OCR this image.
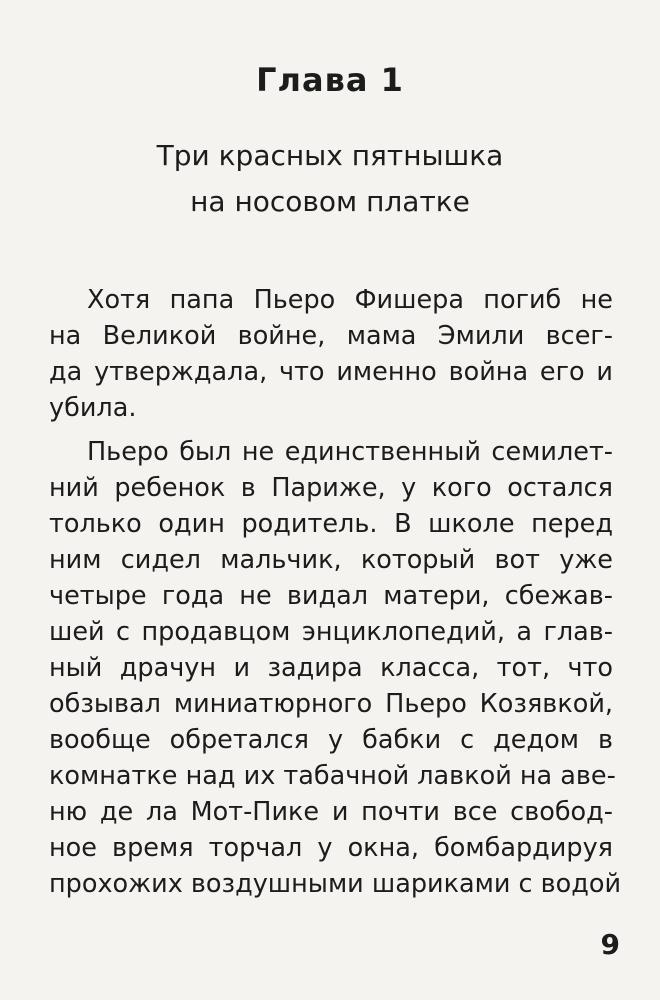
Глава 1
Три красных пятнышка
на носовом платке
Хотя папа Пьеро Фишера погиб не
на Великой войне, мама Эмили всег-
да утверждала, что именно война его и
убила.
Пьеро был не единственный семилет-
ний ребенок в Париже, у кого остался
только один родитель. В школе перед
ним сидел мальчик, который вот уже
четыре года не видал матери, сбежав-
шей с продавцом энциклопедий, а глав-
ный драчун и задира класса, тот, что
обзывал миниатюрного Пьеро Козявкой,
вообще обретался у бабки с дедом в
комнатке над их табачной лавкой на аве-
ню де ла Мот-Пике и почти все свобод-
ное время торчал у окна, бомбардируя
прохожих воздушными шариками с водой
9
